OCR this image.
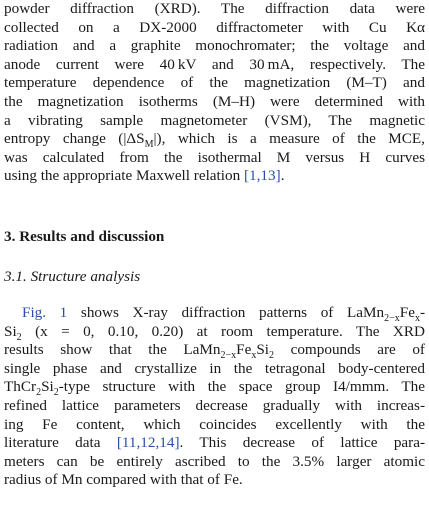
powder diffraction (XRD). The diffraction data were
collected on a DX-2000 diffractometer with Cu Kα
radiation and a graphite monochromater; the voltage and
anode current were 40 kV and 30 mA, respectively. The
temperature dependence of the magnetization (M–T) and
the magnetization isotherms (M–H) were determined with
a vibrating sample magnetometer (VSM), The magnetic
entropy change $(|\Delta S_M|)$, which is a measure of the MCE,
was calculated from the isothermal M versus H curves
using the appropriate Maxwell relation [1,13].
3. Results and discussion
3.1. Structure analysis
Fig. 1 shows X-ray diffraction patterns of $LaMn_{2-x}Fe_x-$
$Si_2$ (x = 0, 0.10, 0.20) at room temperature. The XRD
results show that the $LaMn_{2-x}Fe_xSi_2$ compounds are of
single phase and crystallize in the tetragonal body-centered
$ThCr_2Si_2$-type structure with the space group I4/mmm. The
refined lattice parameters decrease gradually with increas-
ing Fe content, which coincides excellently with the
literature data [11,12,14]. This decrease of lattice para-
meters can be entirely ascribed to the 3.5% larger atomic
radius of Mn compared with that of Fe.
